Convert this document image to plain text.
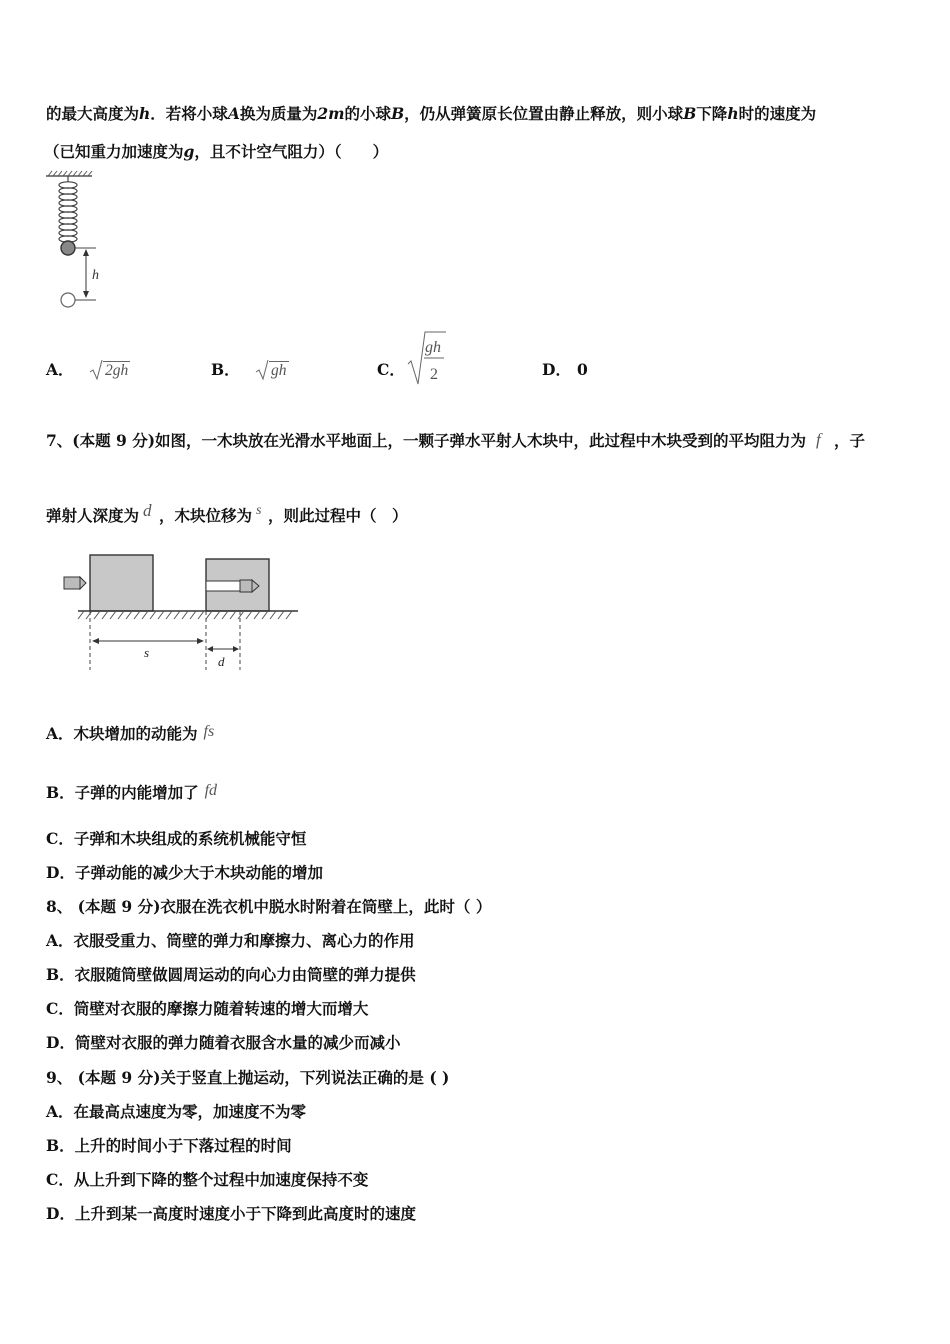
的最大高度为h．若将小球A换为质量为2m的小球B，仍从弹簧原长位置由静止释放，则小球B下降h时的速度为
（已知重力加速度为g，且不计空气阻力）（　　）
h
A． 2gh	B． gh	C．
gh
2	D． 0
7、(本题 9 分)如图，一木块放在光滑水平地面上，一颗子弹水平射人木块中，此过程中木块受到的平均阻力为 f ，子
弹射人深度为 d ，木块位移为 s ，则此过程中（　）
s
d
A．木块增加的动能为 fs
B．子弹的内能增加了 fd
C．子弹和木块组成的系统机械能守恒
D．子弹动能的减少大于木块动能的增加
8、 (本题 9 分)衣服在洗衣机中脱水时附着在筒壁上，此时（ ）
A．衣服受重力、筒壁的弹力和摩擦力、离心力的作用
B．衣服随筒壁做圆周运动的向心力由筒壁的弹力提供
C．筒壁对衣服的摩擦力随着转速的增大而增大
D．筒壁对衣服的弹力随着衣服含水量的减少而减小
9、 (本题 9 分)关于竖直上抛运动，下列说法正确的是 ( )
A．在最高点速度为零，加速度不为零
B．上升的时间小于下落过程的时间
C．从上升到下降的整个过程中加速度保持不变
D．上升到某一高度时速度小于下降到此高度时的速度
